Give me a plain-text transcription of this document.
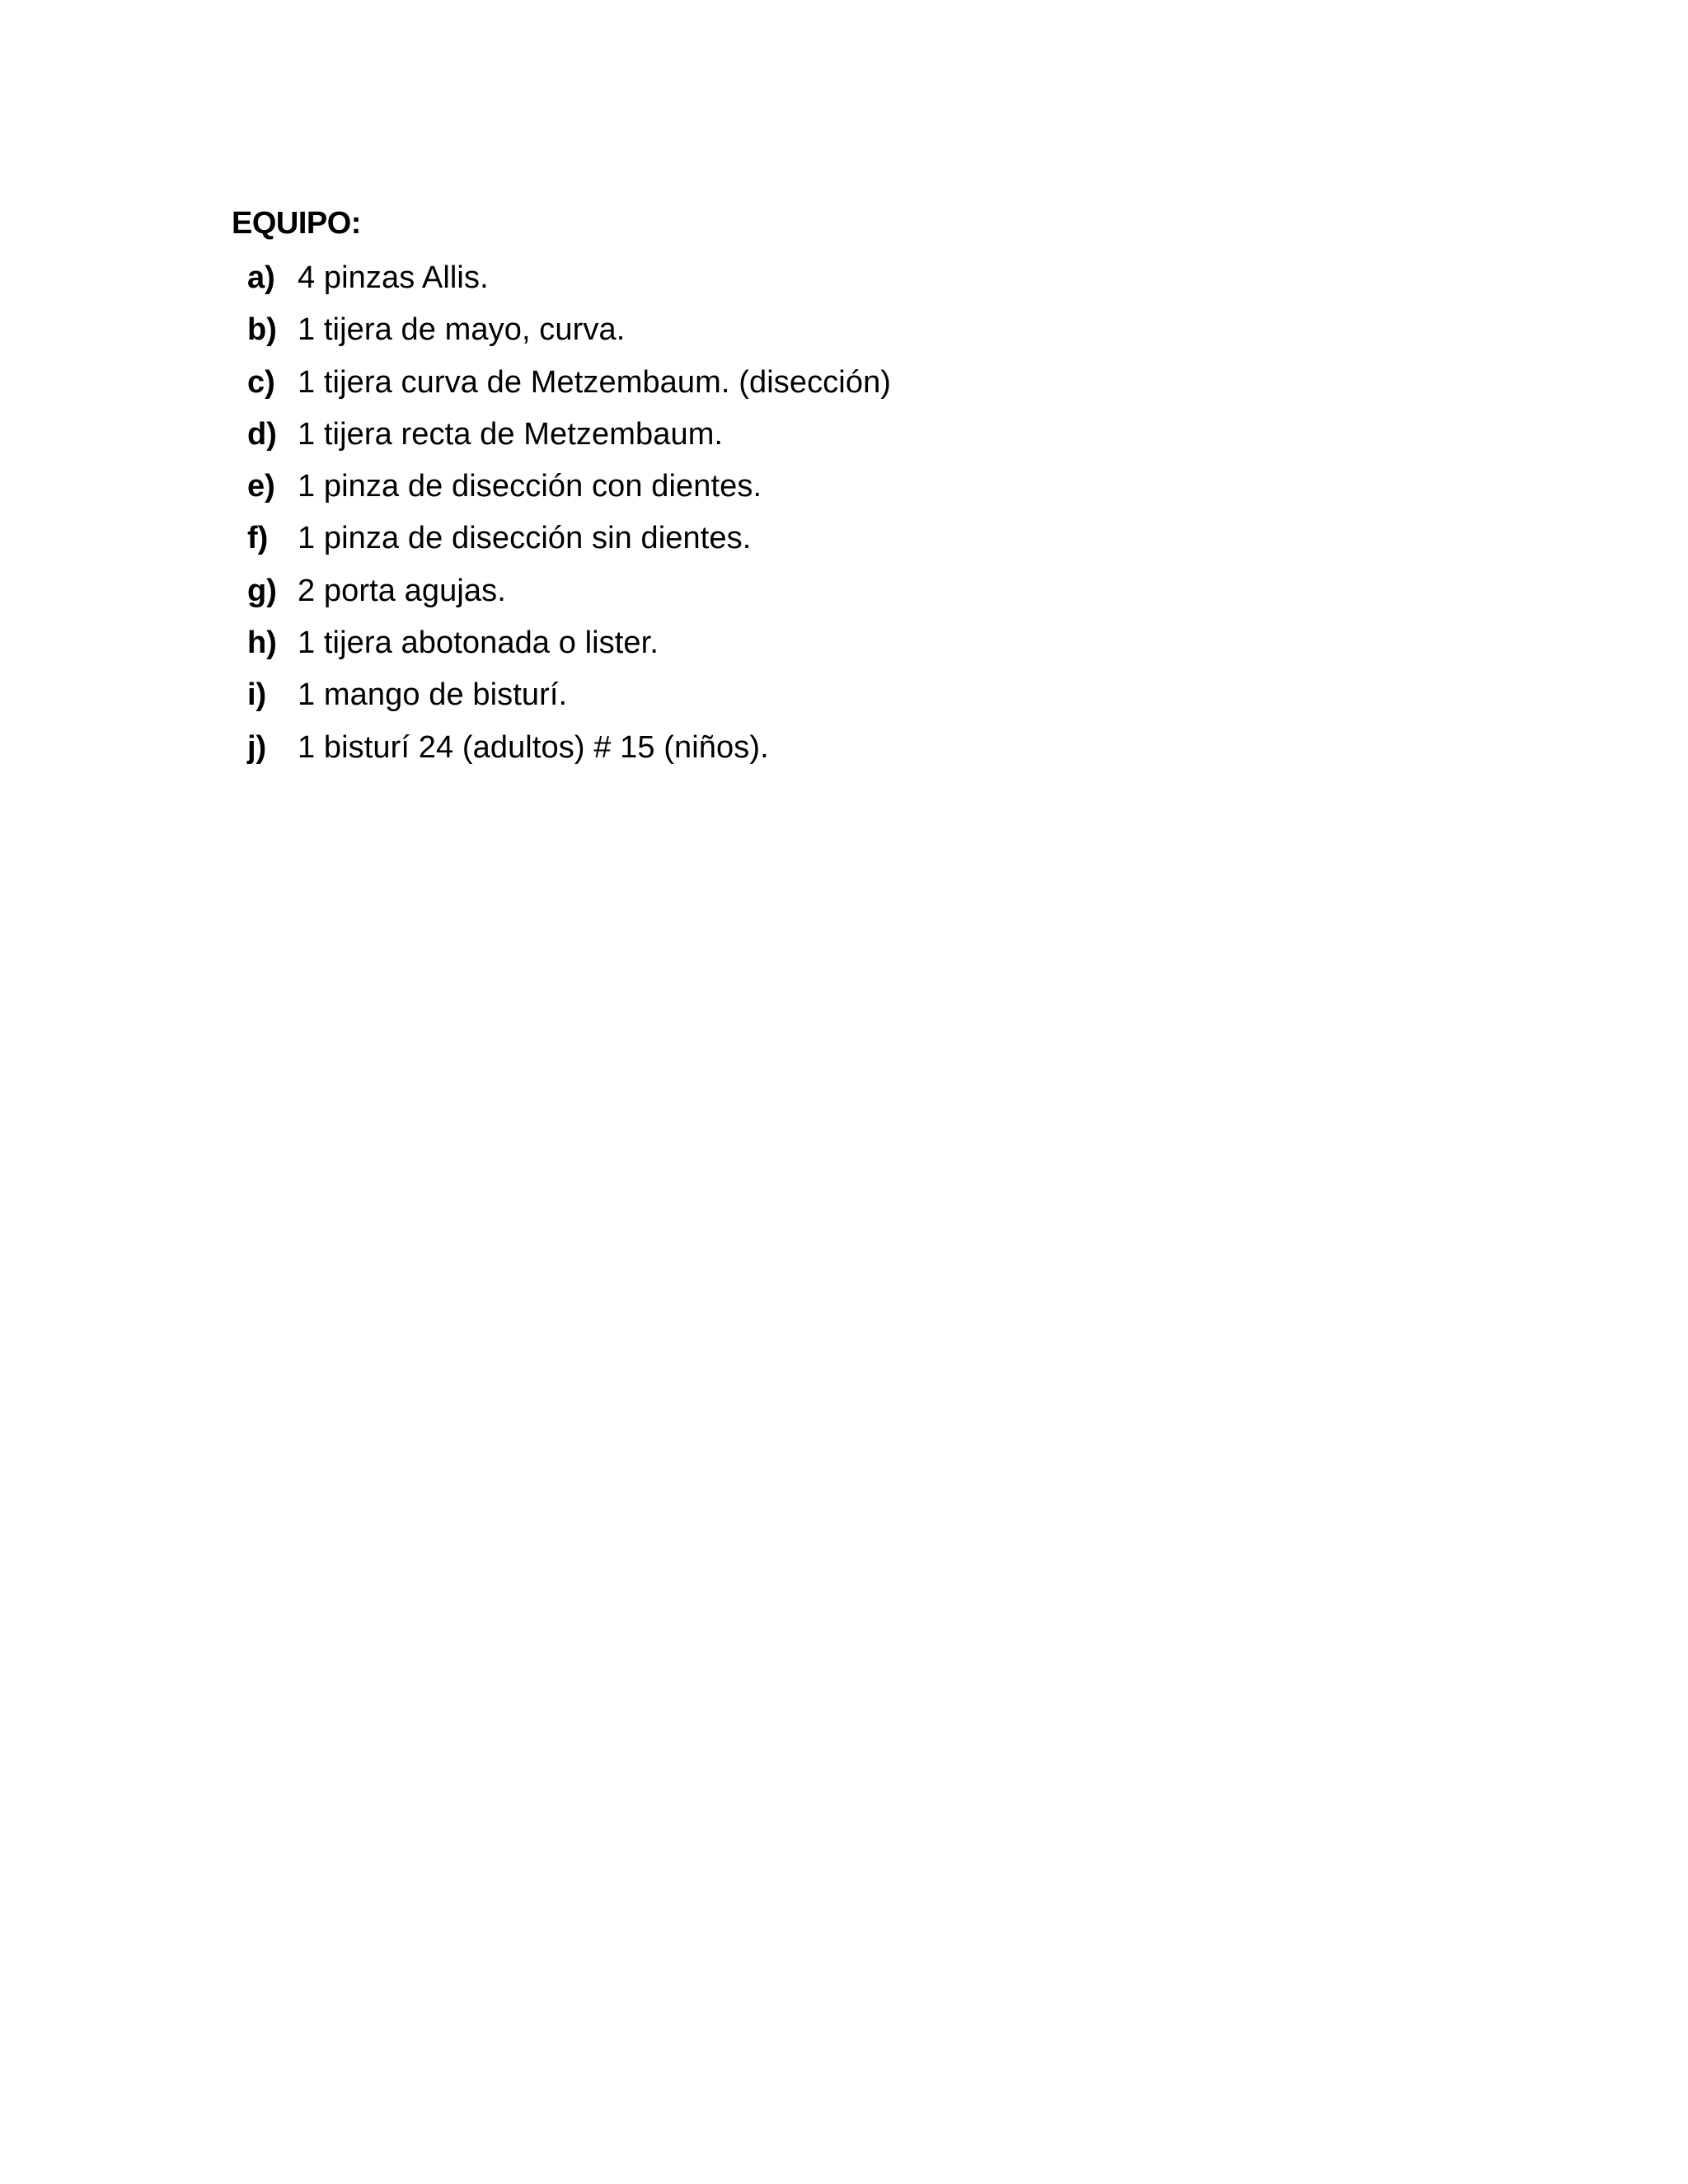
EQUIPO:
a) 4 pinzas Allis.
b) 1 tijera de mayo, curva.
c) 1 tijera curva de Metzembaum. (disección)
d) 1 tijera recta de Metzembaum.
e) 1 pinza de disección con dientes.
f) 1 pinza de disección sin dientes.
g) 2 porta agujas.
h) 1 tijera abotonada o lister.
i) 1 mango de bisturí.
j) 1 bisturí 24 (adultos) # 15 (niños).
